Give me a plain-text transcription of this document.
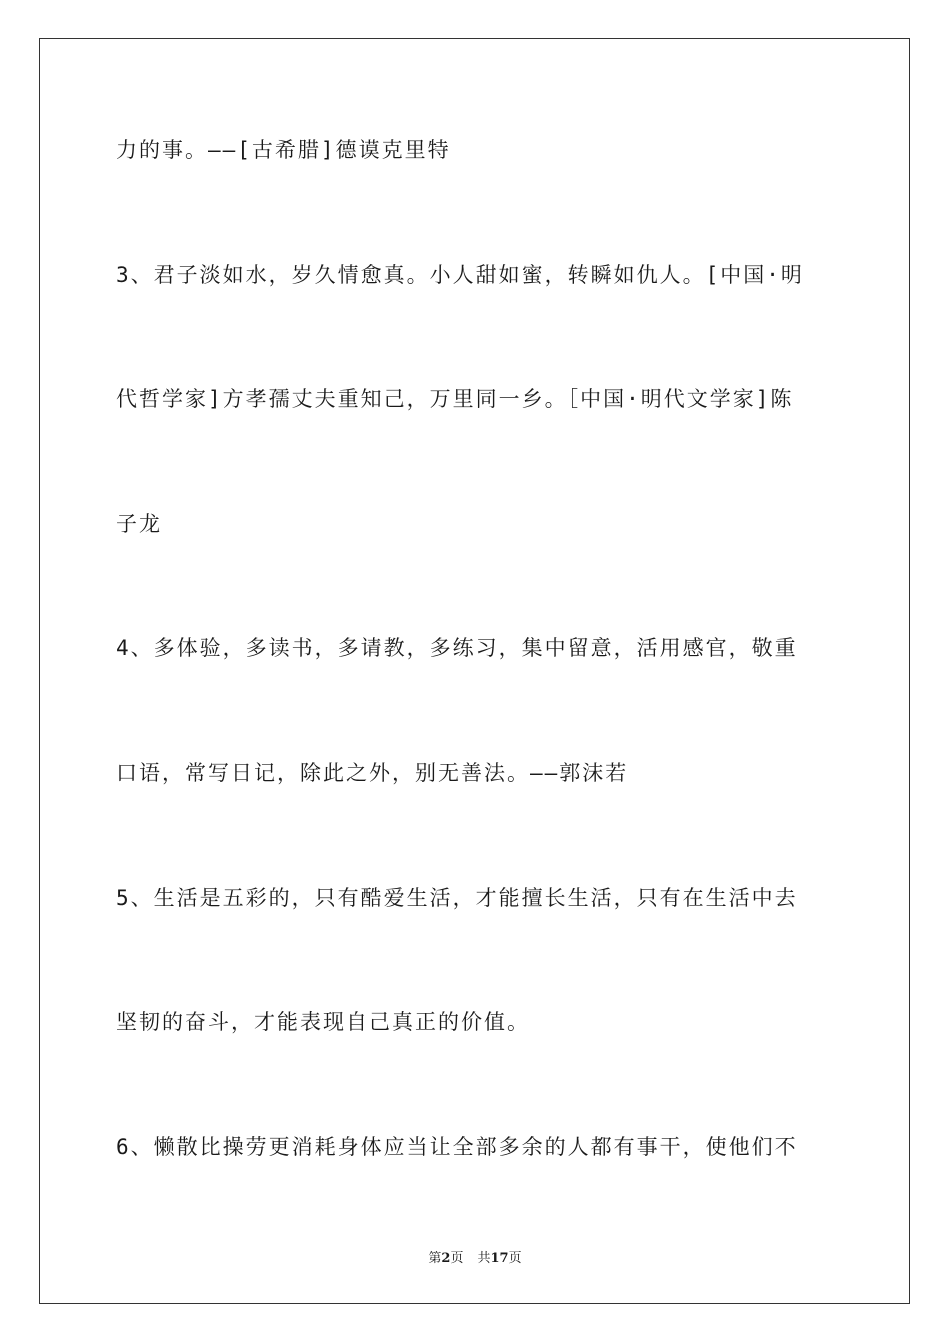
力的事。——[古希腊]德谟克里特
3、君子淡如水，岁久情愈真。小人甜如蜜，转瞬如仇人。[中国·明
代哲学家]方孝孺丈夫重知己，万里同一乡。［中国·明代文学家]陈
子龙
4、多体验，多读书，多请教，多练习，集中留意，活用感官，敬重
口语，常写日记，除此之外，别无善法。——郭沫若
5、生活是五彩的，只有酷爱生活，才能擅长生活，只有在生活中去
坚韧的奋斗，才能表现自己真正的价值。
6、懒散比操劳更消耗身体应当让全部多余的人都有事干，使他们不
第2页 共17页
